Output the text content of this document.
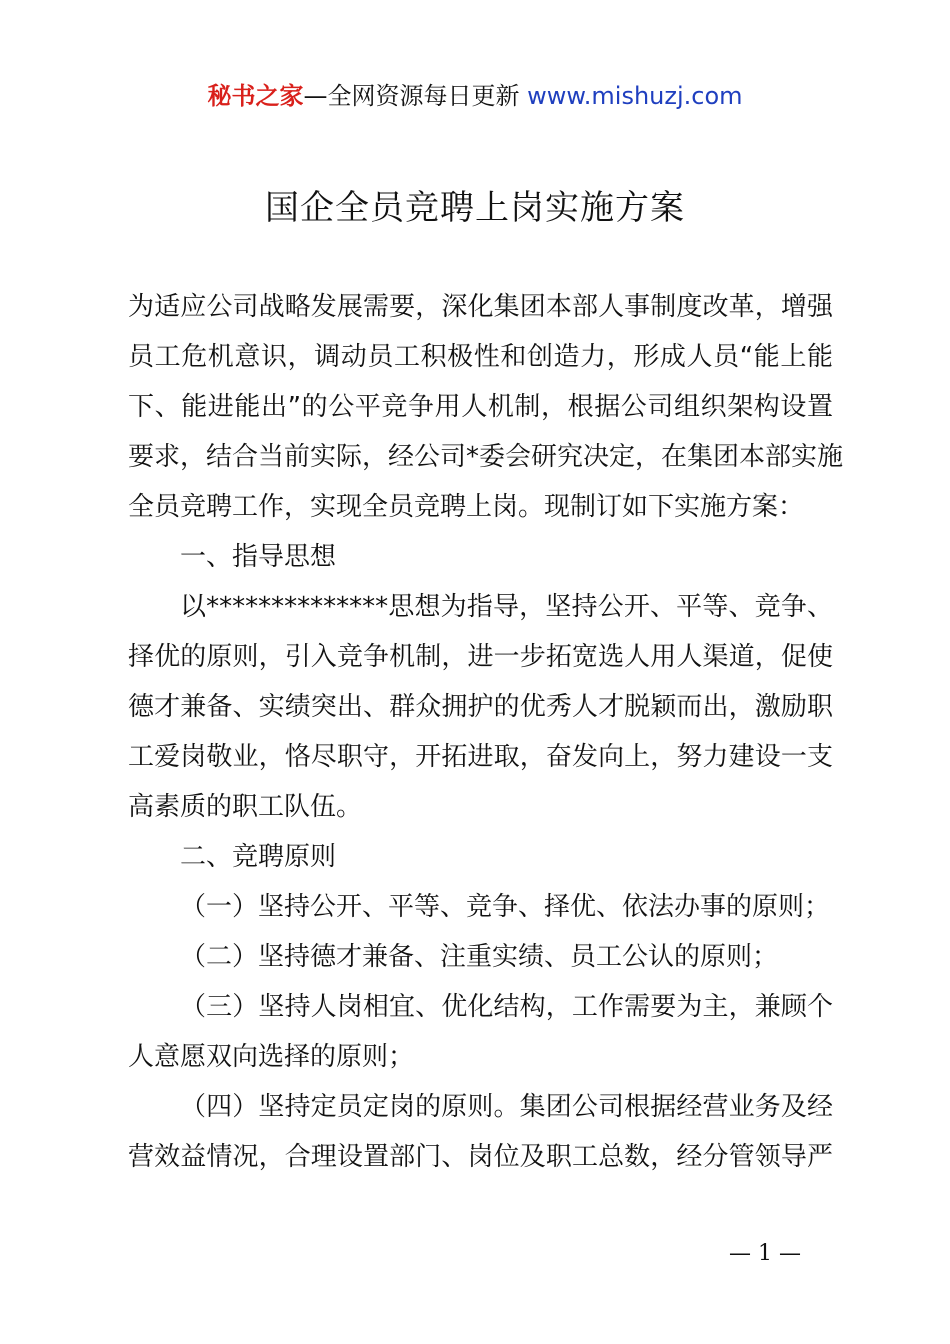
秘书之家—全网资源每日更新 www.mishuzj.com
国企全员竞聘上岗实施方案
为适应公司战略发展需要，深化集团本部人事制度改革，增强
员工危机意识，调动员工积极性和创造力，形成人员“能上能
下、能进能出”的公平竞争用人机制，根据公司组织架构设置
要求，结合当前实际，经公司*委会研究决定，在集团本部实施
全员竞聘工作，实现全员竞聘上岗。现制订如下实施方案：
一、指导思想
以**************思想为指导，坚持公开、平等、竞争、
择优的原则，引入竞争机制，进一步拓宽选人用人渠道，促使
德才兼备、实绩突出、群众拥护的优秀人才脱颖而出，激励职
工爱岗敬业，恪尽职守，开拓进取，奋发向上，努力建设一支
高素质的职工队伍。
二、竞聘原则
（一）坚持公开、平等、竞争、择优、依法办事的原则；
（二）坚持德才兼备、注重实绩、员工公认的原则；
（三）坚持人岗相宜、优化结构，工作需要为主，兼顾个
人意愿双向选择的原则；
（四）坚持定员定岗的原则。集团公司根据经营业务及经
营效益情况，合理设置部门、岗位及职工总数，经分管领导严
— 1 —
